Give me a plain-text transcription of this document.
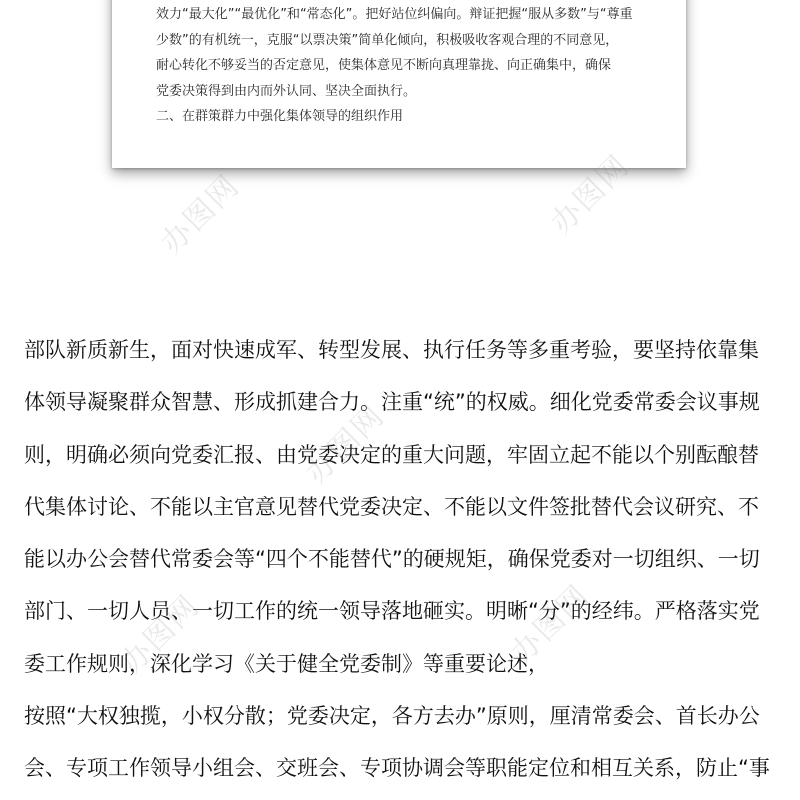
效力“最大化”“最优化”和“常态化”。把好站位纠偏向。辩证把握“服从多数”与“尊重

少数”的有机统一，克服“以票决策”简单化倾向，积极吸收客观合理的不同意见，

耐心转化不够妥当的否定意见，使集体意见不断向真理靠拢、向正确集中，确保

党委决策得到由内而外认同、坚决全面执行。

二、在群策群力中强化集体领导的组织作用

部队新质新生，面对快速成军、转型发展、执行任务等多重考验，要坚持依靠集

体领导凝聚群众智慧、形成抓建合力。注重“统”的权威。细化党委常委会议事规

则，明确必须向党委汇报、由党委决定的重大问题，牢固立起不能以个别酝酿替

代集体讨论、不能以主官意见替代党委决定、不能以文件签批替代会议研究、不

能以办公会替代常委会等“四个不能替代”的硬规矩，确保党委对一切组织、一切

部门、一切人员、一切工作的统一领导落地砸实。明晰“分”的经纬。严格落实党

委工作规则，深化学习《关于健全党委制》等重要论述，

按照“大权独揽，小权分散；党委决定，各方去办”原则，厘清常委会、首长办公

会、专项工作领导小组会、交班会、专项协调会等职能定位和相互关系，防止“事

办图网
办图网
办图网
办图网	办图网
